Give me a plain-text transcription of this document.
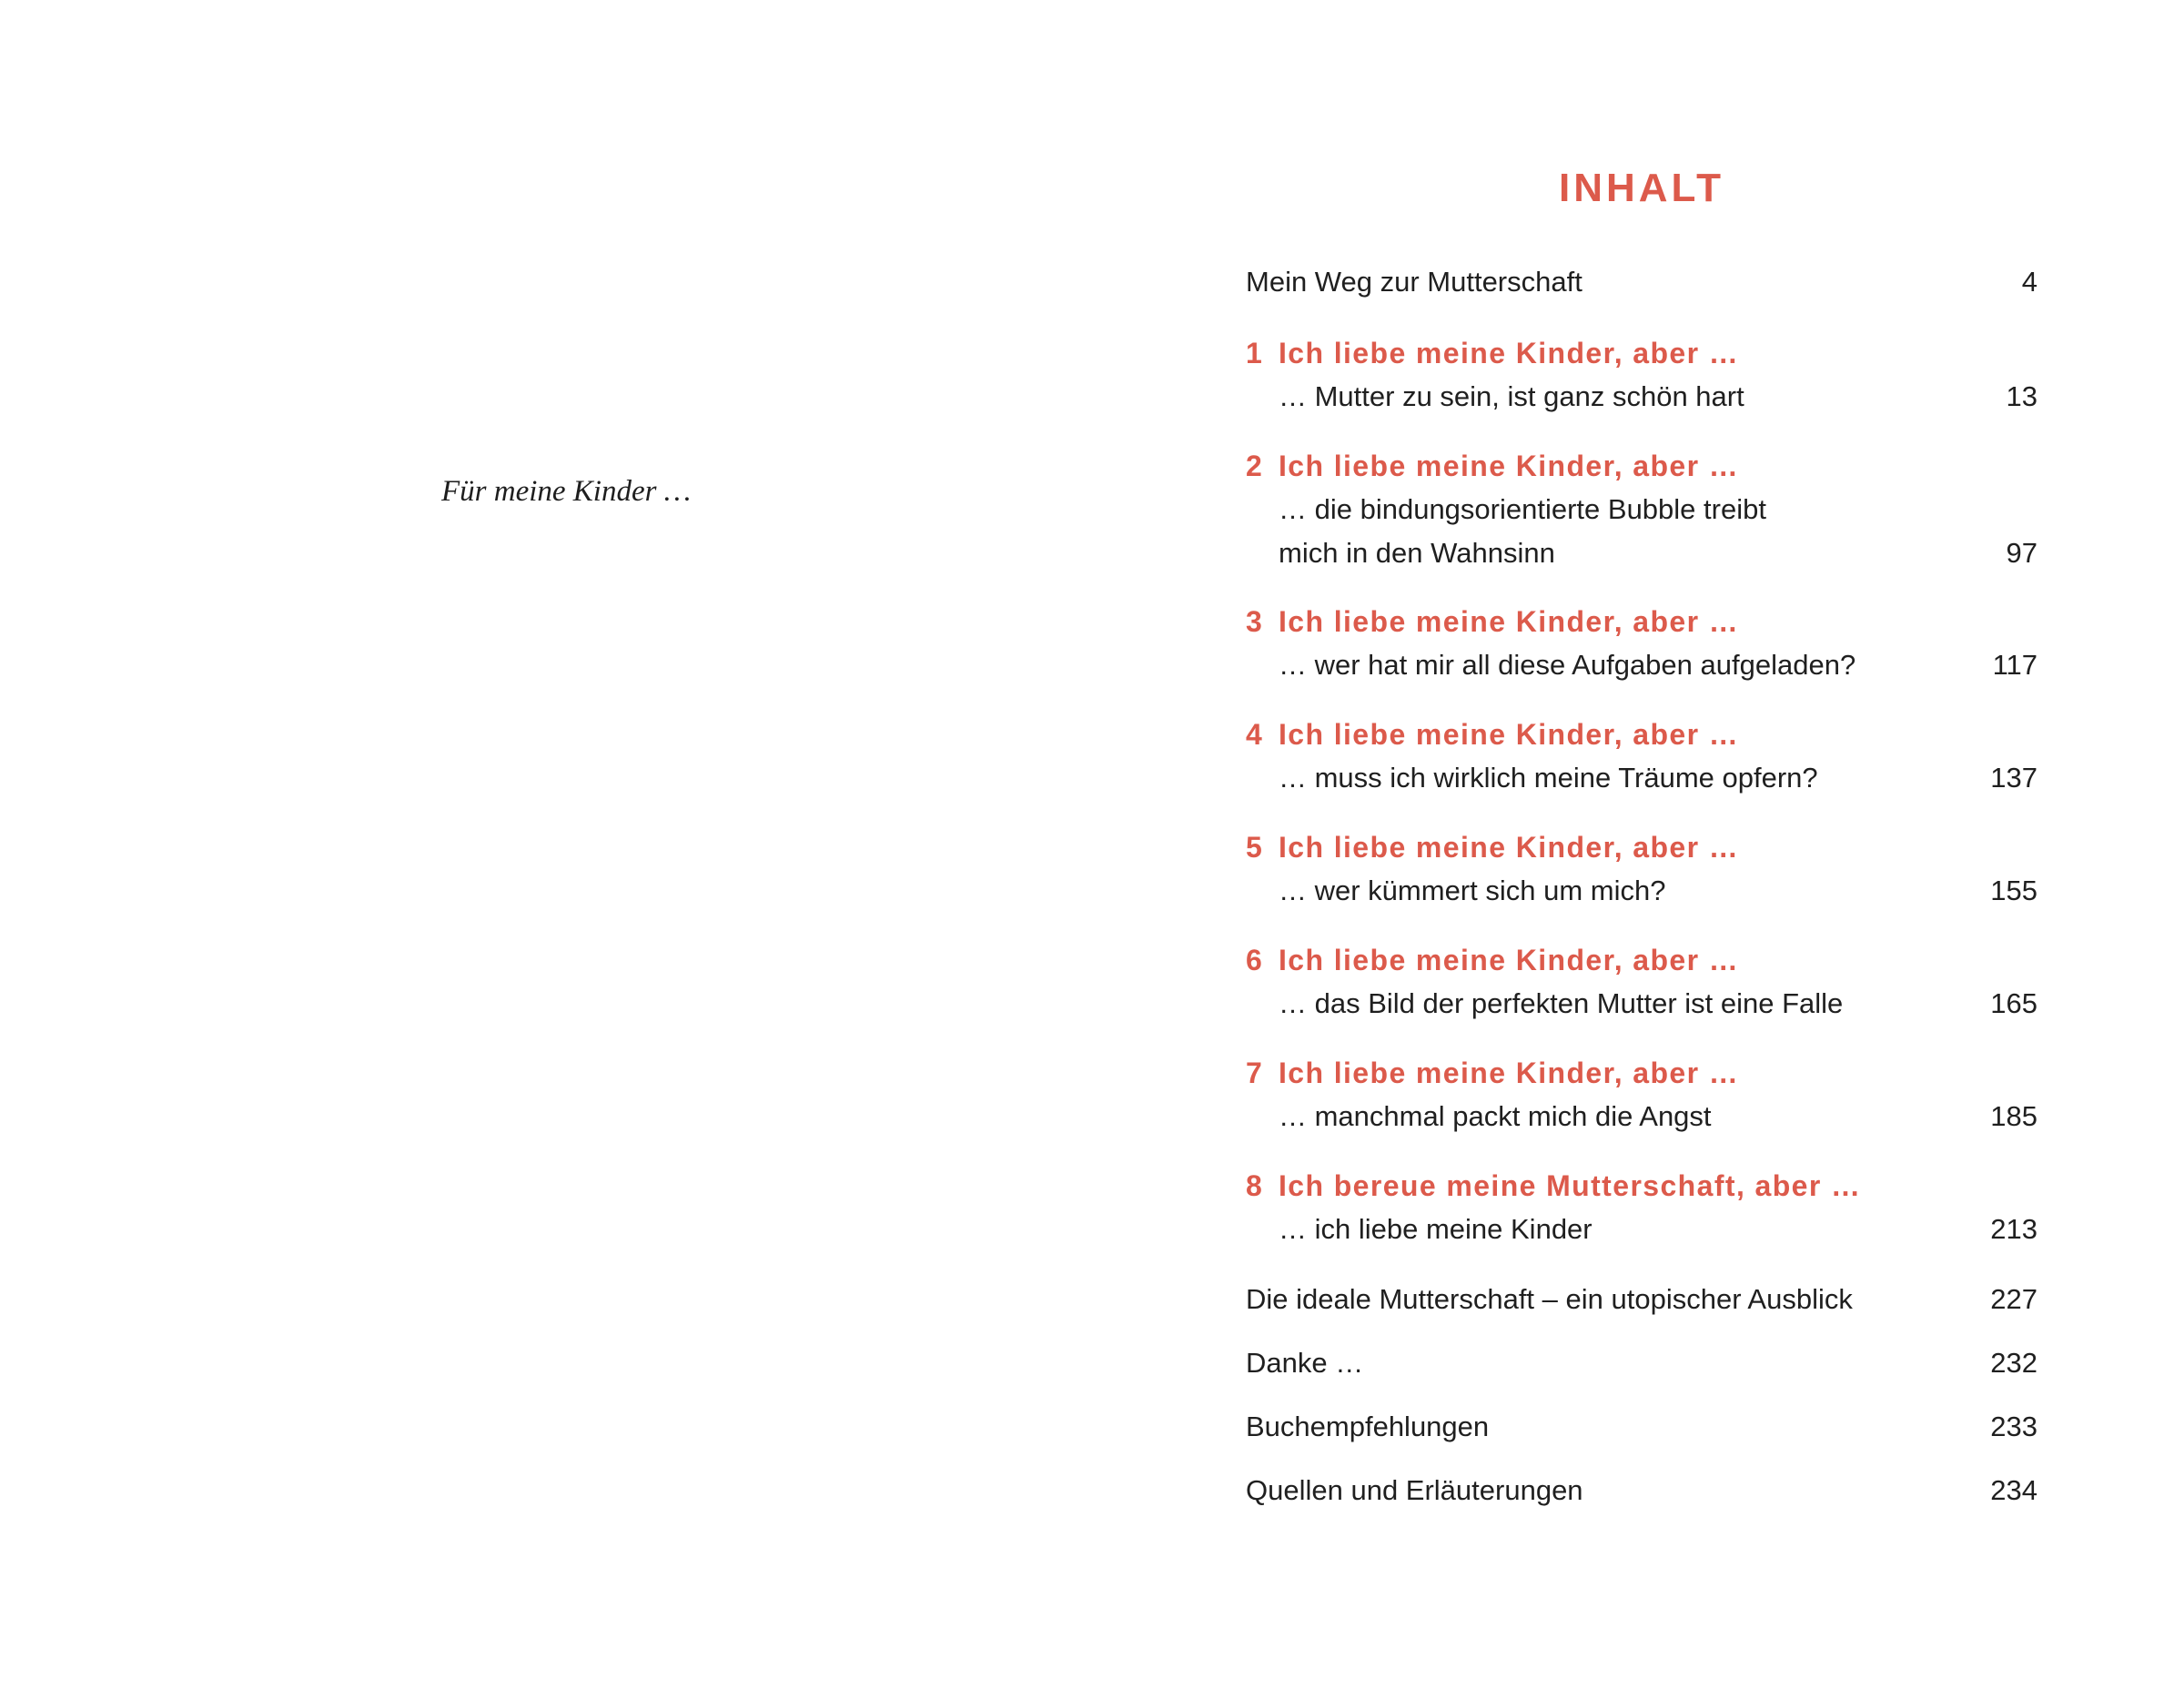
Für meine Kinder …
INHALT
Mein Weg zur Mutterschaft	4
1 Ich liebe meine Kinder, aber …
… Mutter zu sein, ist ganz schön hart	13
2 Ich liebe meine Kinder, aber …
… die bindungsorientierte Bubble treibt
mich in den Wahnsinn	97
3 Ich liebe meine Kinder, aber …
… wer hat mir all diese Aufgaben aufgeladen?	117
4 Ich liebe meine Kinder, aber …
… muss ich wirklich meine Träume opfern?	137
5 Ich liebe meine Kinder, aber …
… wer kümmert sich um mich?	155
6 Ich liebe meine Kinder, aber …
… das Bild der perfekten Mutter ist eine Falle	165
7 Ich liebe meine Kinder, aber …
… manchmal packt mich die Angst	185
8 Ich bereue meine Mutterschaft, aber …
… ich liebe meine Kinder	213
Die ideale Mutterschaft – ein utopischer Ausblick	227
Danke …	232
Buchempfehlungen	233
Quellen und Erläuterungen	234
